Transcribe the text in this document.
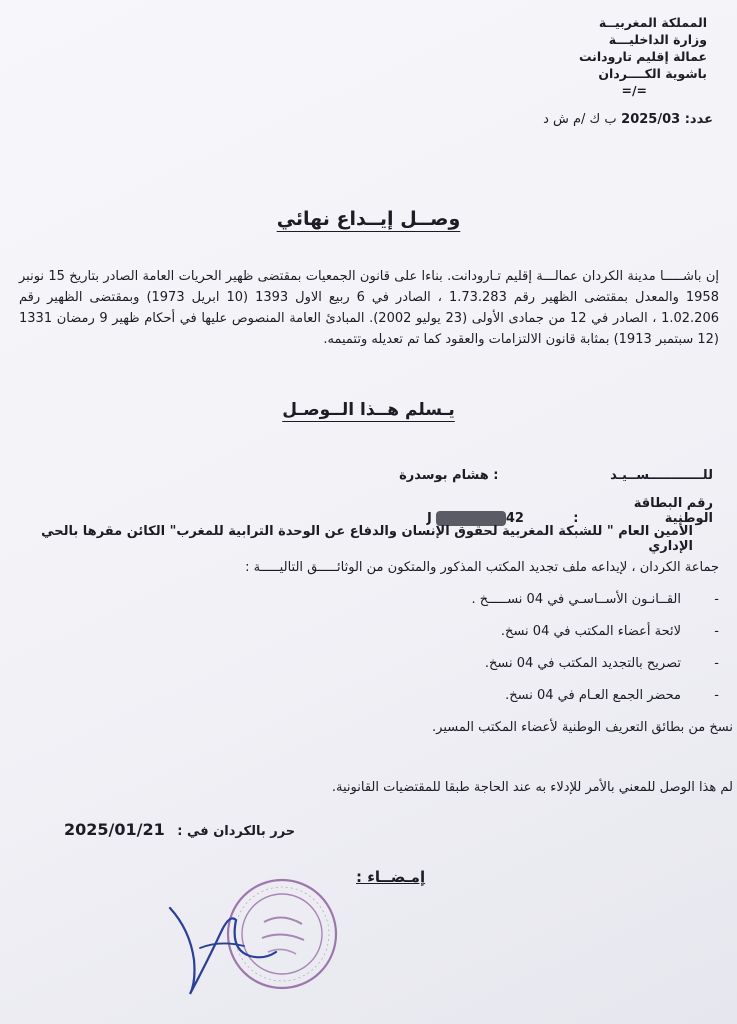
المملكة المغربيــة
وزارة الداخليـــة
عمالة إقليم تارودانت
باشوية الكــــردان
=/=
عدد: 2025/03 ب ك /م ش د
وصــل إيــداع نهائي
إن باشـــــا مدينة الكردان عمالـــة إقليم تـارودانت. بناءا على قانون الجمعيات بمقتضى ظهير الحريات العامة الصادر بتاريخ 15 نونبر 1958 والمعدل بمقتضى الظهير رقم 1.73.283 ، الصادر في 6 ربيع الاول 1393 (10 ابريل 1973) وبمقتضى الظهير رقم 1.02.206 ، الصادر في 12 من جمادى الأولى (23 يوليو 2002). المبادئ العامة المنصوص عليها في أحكام ظهير 9 رمضان 1331 (12 سبتمبر 1913) بمثابة قانون الالتزامات والعقود كما تم تعديله وتتميمه.
يـسلم هــذا الــوصـل
للــــــــــــســيـد : هشام بوسدرة
رقم البطاقة الوطنية : J	42
الأمين العام " للشبكة المغربية لحقوق الإنسان والدفاع عن الوحدة الترابية للمغرب" الكائن مقرها بالحي الإداري
جماعة الكردان ، لإيداعه ملف تجديد المكتب المذكور والمتكون من الوثائـــــق التاليـــــة :
-القــانـون الأســاسـي في 04 نســـــخ .
-لائحة أعضاء المكتب في 04 نسخ.
-تصريح بالتجديد المكتب في 04 نسخ.
-محضر الجمع العـام في 04 نسخ.
نسخ من بطائق التعريف الوطنية لأعضاء المكتب المسير.
لم هذا الوصل للمعني بالأمر للإدلاء به عند الحاجة طبقا للمقتضيات القانونية.
حرر بالكردان في : 2025/01/21
إمـضــاء :
